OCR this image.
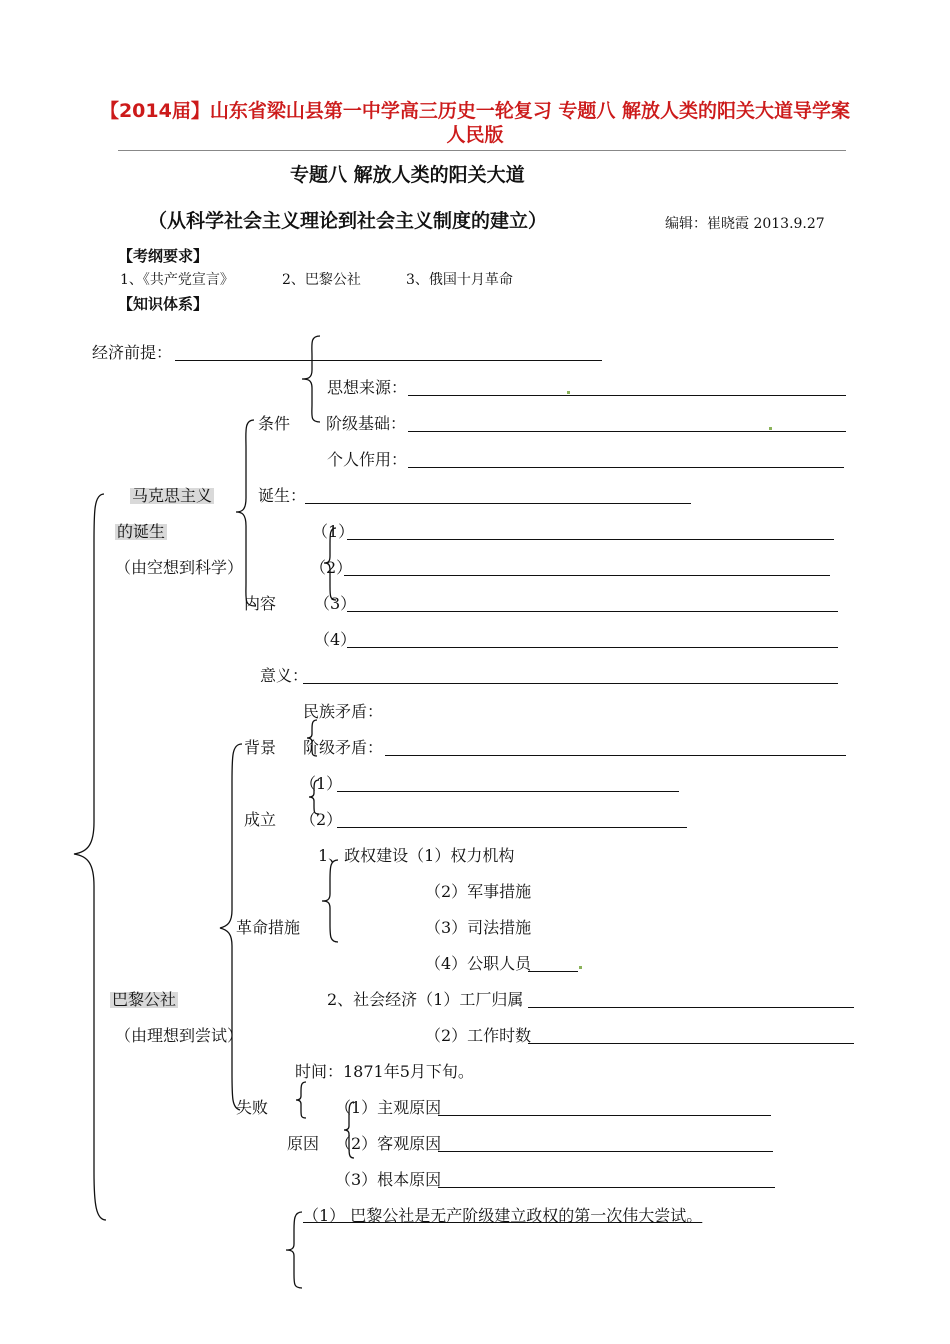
【2014届】山东省梁山县第一中学高三历史一轮复习 专题八 解放人类的阳关大道导学案 人民版
专题八 解放人类的阳关大道
（从科学社会主义理论到社会主义制度的建立）	编辑：崔晓霞 2013.9.27
【考纲要求】
1、《共产党宣言》	2、巴黎公社	3、俄国十月革命
【知识体系】
经济前提：
思想来源：
条件 阶级基础：
个人作用：
马克思主义	诞生：
的诞生	（1）
（由空想到科学）	（2）
内容 （3）
（4）
意义：
民族矛盾：
背景 阶级矛盾：
（1）
成立 （2）
1、政权建设（1）权力机构
（2）军事措施
革命措施	（3）司法措施
（4）公职人员
巴黎公社	2、社会经济（1）工厂归属
（由理想到尝试）	（2）工作时数
时间：1871年5月下旬。
失败	（1）主观原因
原因 （2）客观原因
（3）根本原因
（1） 巴黎公社是无产阶级建立政权的第一次伟大尝试。
